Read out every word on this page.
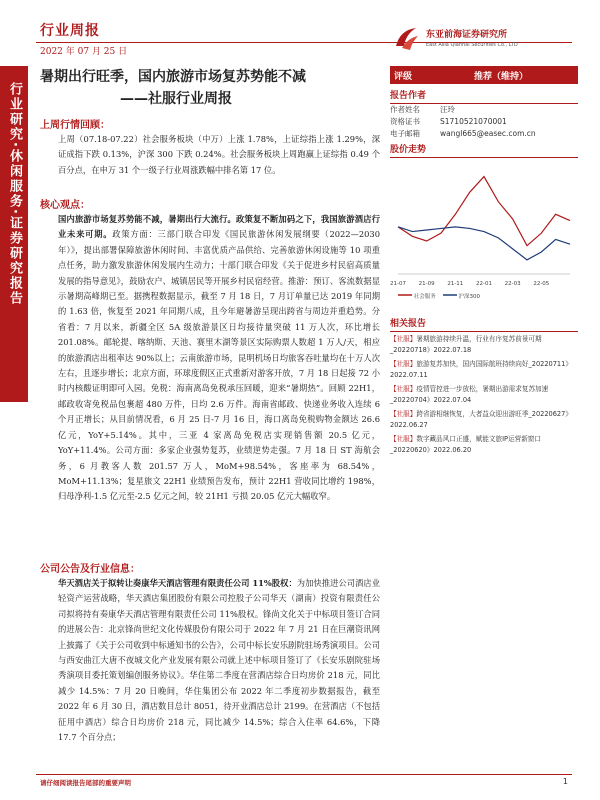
行业周报
2022 年 07 月 25 日
东亚前海证券研究所
East Asia Qianhai Securities Co., LTD
行业研究·休闲服务·证券研究报告
暑期出行旺季，国内旅游市场复苏势能不减
——社服行业周报
上周行情回顾：
上周（07.18-07.22）社会服务板块（中万）上涨 1.78%，上证综指上涨 1.29%，深证成指下跌 0.13%，沪深 300 下跌 0.24%。社会服务板块上周跑赢上证综指 0.49 个百分点，在申万 31 个一级子行业周涨跌幅中排名第 17 位。
核心观点：
国内旅游市场复苏势能不减，暑期出行大流行。政策复不断加码之下，我国旅游酒店行业未来可期。政策方面：三部门联合印发《国民旅游休闲发展纲要（2022—2030 年）》，提出部署保障旅游休闲时间、丰富优质产品供给、完善旅游休闲设施等 10 项重点任务，助力激发旅游休闲发展内生动力；十部门联合印发《关于促进乡村民宿高质量发展的指导意见》，鼓励农户、城镇居民等开展乡村民宿经营。推游：预订、客流数据显示暑期高峰期已至。据携程数据显示，截至 7 月 18 日，7 月订单量已达 2019 年同期的 1.63 倍，恢复至 2021 年同期八成，且今年避暑游呈现出跨省与周边并重趋势。分省看：7 月以来，新疆全区 5A 级旅游景区日均接待量突破 11 万人次，环比增长 201.08%。邮轮提、喀纳斯、天池、赛里木湖等景区实际购票人数超 1 万人/天，相应的旅游酒店出租率达 90%以上；云南旅游市场，昆明机场日均旅客吞吐量均在十万人次左右，且逐步增长；北京方面，环球度假区正式重新对游客开放，7 月 18 日起接 72 小时内核酸证明即可入园。免税：海南离岛免税承压回暖，迎来“暑期热”。回顾 22H1，邮政收寄免税品包裹超 480 万件，日均 2.6 万件。海南省邮政、快递业务收入连续 6 个月正增长；从目前情况看，6 月 25 日-7 月 16 日，海口离岛免税购物金额达 26.6 亿元，YoY+5.14%。其中，三亚 4 家离岛免税店实现销售额 20.5 亿元，YoY+11.4%。公司方面：多家企业强势复苏，业绩逆势走强。7 月 18 日 ST 海航会务，6 月教客人数 201.57 万人，MoM+98.54%，客座率为 68.54%，MoM+11.13%；复星旅文 22H1 业绩预告发布，预计 22H1 营收同比增约 198%，归母净利-1.5 亿元至-2.5 亿元之间，较 21H1 亏损 20.05 亿元大幅收窄。
公司公告及行业信息：
华天酒店关于拟转让奏康华天酒店管理有限责任公司 11%股权：为加快推进公司酒店业轻资产运营战略，华天酒店集团股份有限公司控股子公司华天（湖南）投资有限责任公司拟将持有奏康华天酒店管理有限责任公司 11%股权。锋尚文化关于中标项目签订合同的进展公告：北京锋尚世纪文化传媒股份有限公司于 2022 年 7 月 21 日在巨潮资讯网上披露了《关于公司收到中标通知书的公告》，公司中标长安乐剧院驻场秀演项目。公司与西安曲江大唐不夜城文化产业发展有限公司就上述中标项目签订了《长安乐剧院驻场秀演项目委托策划编创服务协议》。华住第二季度在营酒店综合日均房价 218 元，同比减少 14.5%：7 月 20 日晚间，华住集团公布 2022 年二季度初步数据报告，截至 2022 年 6 月 30 日，酒店数目总计 8051，待开业酒店总计 2199。在营酒店（不包括征用中酒店）综合日均房价 218 元，同比减少 14.5%；综合入住率 64.6%，下降 17.7 个百分点；
评级	推荐（维持）
报告作者
作者姓名	汪玲
资格证书	S1710521070001
电子邮箱	wangl665@easec.com.cn
股价走势
21-07 21-09 21-11 22-01 22-03 22-05
社会服务	沪深300
相关报告
【社服】暑期旅游持续升温，行业有序复苏前景可期_20220718》2022.07.18
【社服】旅游复苏加快，国内国际航班持续向好_20220711》2022.07.11
【社服】疫情管控进一步放松，暑期出游需求复苏加速_20220704》2022.07.04
【社服】跨省游相继恢复，大者益众迎出游旺季_20220627》2022.06.27
【社服】数字藏品风口正盛，赋能文旅IP运营新窗口_20220620》2022.06.20
请仔细阅读报告尾部的重要声明	1
